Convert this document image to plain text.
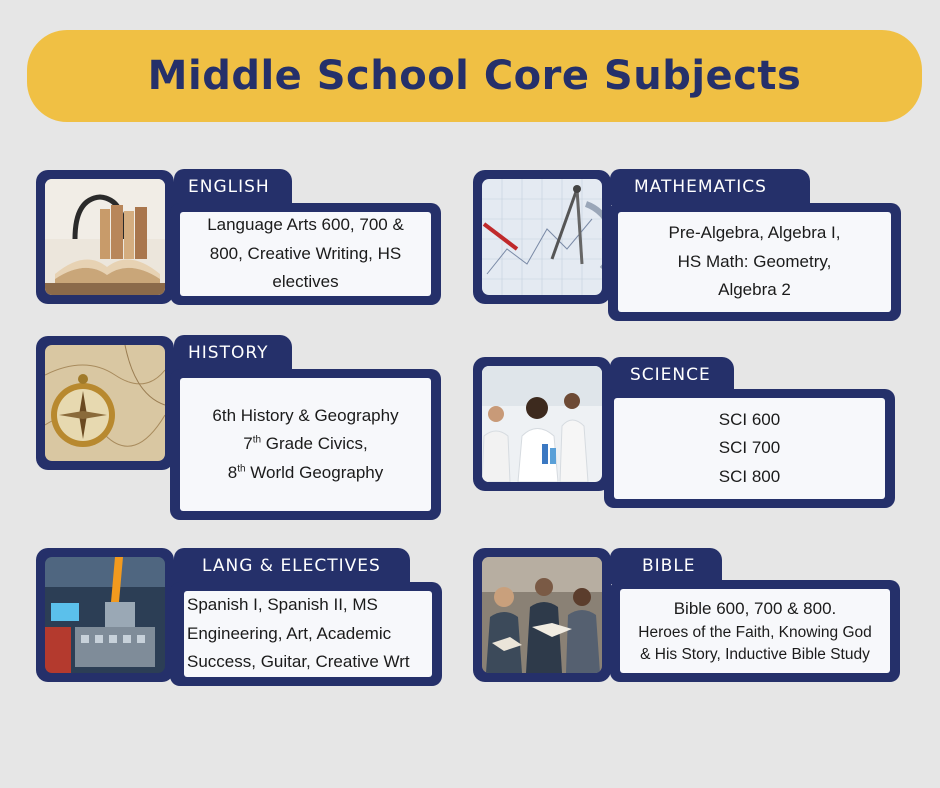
Middle School Core Subjects
ENGLISH
Language Arts 600, 700 &
800, Creative Writing, HS
electives
MATHEMATICS
Pre-Algebra, Algebra I,
HS Math: Geometry,
Algebra 2
HISTORY
6th History & Geography
7th Grade Civics,
8th World Geography
SCIENCE
SCI 600
SCI 700
SCI 800
LANG & ELECTIVES
Spanish I, Spanish II, MS
Engineering, Art, Academic
Success, Guitar, Creative Wrt
BIBLE
Bible 600, 700 & 800.
Heroes of the Faith, Knowing God
& His Story, Inductive Bible Study
